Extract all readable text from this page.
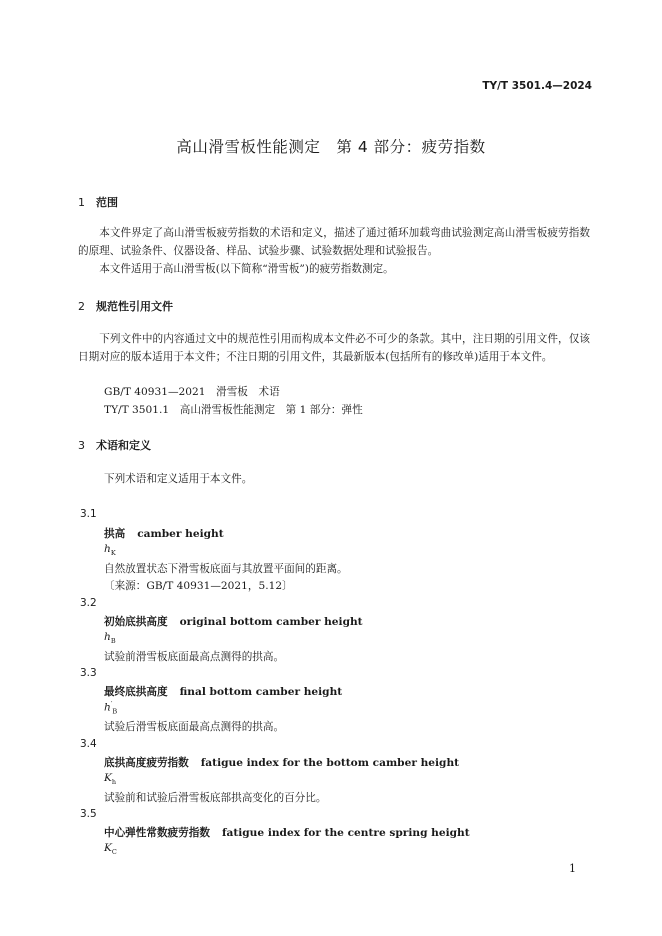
TY/T 3501.4—2024
高山滑雪板性能测定　第 4 部分：疲劳指数
1 范围

本文件界定了高山滑雪板疲劳指数的术语和定义，描述了通过循环加载弯曲试验测定高山滑雪板疲劳指数的原理、试验条件、仪器设备、样品、试验步骤、试验数据处理和试验报告。

本文件适用于高山滑雪板(以下简称“滑雪板”)的疲劳指数测定。

2 规范性引用文件

下列文件中的内容通过文中的规范性引用而构成本文件必不可少的条款。其中，注日期的引用文件，仅该日期对应的版本适用于本文件；不注日期的引用文件，其最新版本(包括所有的修改单)适用于本文件。

GB/T 40931—2021　滑雪板　术语
TY/T 3501.1　高山滑雪板性能测定　第 1 部分：弹性
3 术语和定义
下列术语和定义适用于本文件。
3.1
拱高 camber height
$h_K$
自然放置状态下滑雪板底面与其放置平面间的距离。
〔来源：GB/T 40931—2021，5.12〕
3.2
初始底拱高度 original bottom camber height
$h_B$
试验前滑雪板底面最高点测得的拱高。
3.3
最终底拱高度 final bottom camber height
$h'_B$
试验后滑雪板底面最高点测得的拱高。
3.4
底拱高度疲劳指数 fatigue index for the bottom camber height
$K_h$
试验前和试验后滑雪板底部拱高变化的百分比。
3.5
中心弹性常数疲劳指数 fatigue index for the centre spring height
$K_C$
1
